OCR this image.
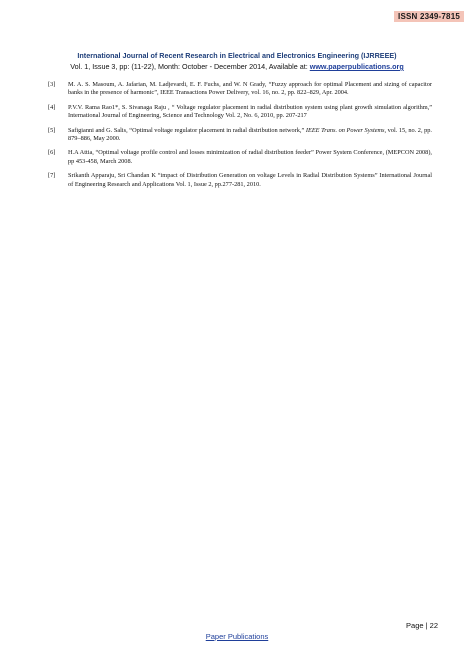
ISSN 2349-7815
International Journal of Recent Research in Electrical and Electronics Engineering (IJRREEE)
Vol. 1, Issue 3, pp: (11-22), Month: October - December 2014, Available at: www.paperpublications.org
[3] M. A. S. Masoum, A. Jafarian, M. Ladjevardi, E. F. Fuchs, and W. N Grady, “Fuzzy approach for optimal Placement and sizing of capacitor banks in the presence of harmonic”, IEEE Transactions Power Delivery, vol. 16, no. 2, pp. 822–829, Apr. 2004.
[4] P.V.V. Rama Rao1*, S. Sivanaga Raju , “ Voltage regulator placement in radial distribution system using plant growth simulation algorithm,” International Journal of Engineering, Science and Technology Vol. 2, No. 6, 2010, pp. 207-217
[5] Safigianni and G. Salis, “Optimal voltage regulator placement in radial distribution network,” IEEE Trans. on Power Systems, vol. 15, no. 2, pp. 879–886, May 2000.
[6] H.A Attia, “Optimal voltage profile control and losses minimization of radial distribution feeder” Power System Conference, (MEPCON 2008), pp 453-458, March 2008.
[7] Srikanth Apparaju, Sri Chandan K “impact of Distribution Generation on voltage Levels in Radial Distribution Systems” International Journal of Engineering Research and Applications Vol. 1, Issue 2, pp.277-281, 2010.
Page | 22
Paper Publications
